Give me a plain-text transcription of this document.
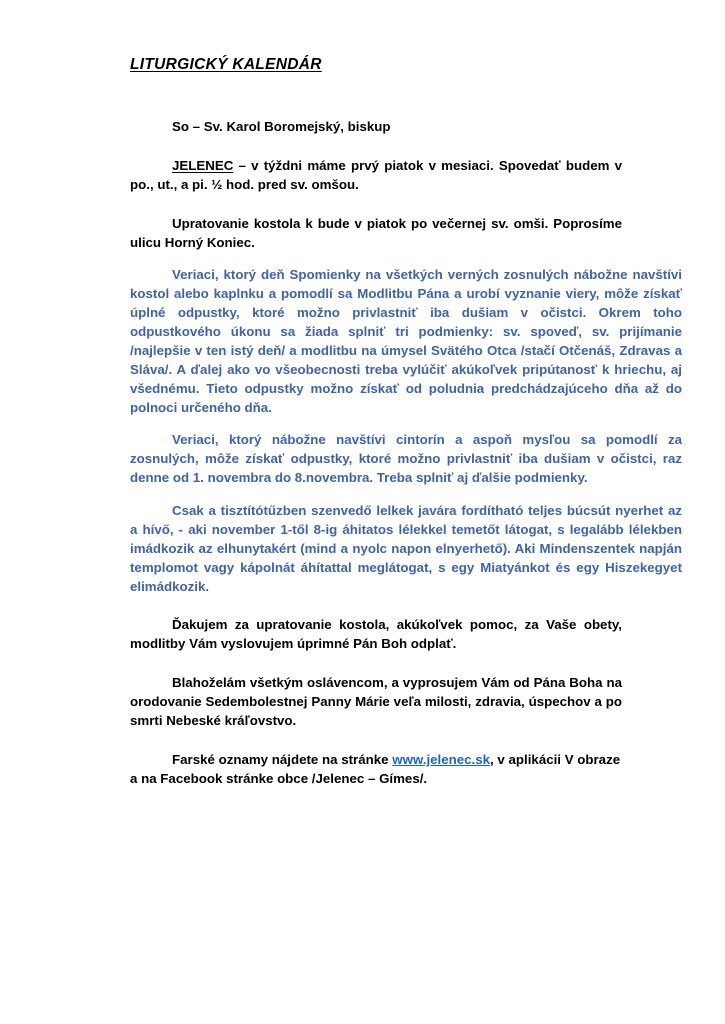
LITURGICKÝ KALENDÁR
So – Sv. Karol Boromejský, biskup
JELENEC – v týždni máme prvý piatok v mesiaci. Spovedať budem v po., ut., a pi. ½ hod. pred sv. omšou.
Upratovanie kostola k bude v piatok po večernej sv. omši. Poprosíme ulicu Horný Koniec.
Veriaci, ktorý deň Spomienky na všetkých verných zosnulých nábožne navštívi kostol alebo kaplnku a pomodlí sa Modlitbu Pána a urobí vyznanie viery, môže získať úplné odpustky, ktoré možno privlastniť iba dušiam v očistci. Okrem toho odpustkového úkonu sa žiada splniť tri podmienky: sv. spoveď, sv. prijímanie /najlepšie v ten istý deň/ a modlitbu na úmysel Svätého Otca /stačí Otčenáš, Zdravas a Sláva/. A ďalej ako vo všeobecnosti treba vylúčiť akúkoľvek pripútanosť k hriechu, aj všednému. Tieto odpustky možno získať od poludnia predchádzajúceho dňa až do polnoci určeného dňa.
Veriaci, ktorý nábožne navštívi cintorín a aspoň mysľou sa pomodlí za zosnulých, môže získať odpustky, ktoré možno privlastniť iba dušiam v očistci, raz denne od 1. novembra do 8.novembra. Treba splniť aj ďalšie podmienky.
Csak a tisztítótűzben szenvedő lelkek javára fordítható teljes búcsút nyerhet az a hívő, - aki november 1-től 8-ig áhitatos lélekkel temetőt látogat, s legalább lélekben imádkozik az elhunytakért (mind a nyolc napon elnyerhető). Aki Mindenszentek napján templomot vagy kápolnát áhítattal meglátogat, s egy Miatyánkot és egy Hiszekegyet elimádkozik.
Ďakujem za upratovanie kostola, akúkoľvek pomoc, za Vaše obety, modlitby Vám vyslovujem úprimné Pán Boh odplať.
Blahoželám všetkým oslávencom, a vyprosujem Vám od Pána Boha na orodovanie Sedembolestnej Panny Márie veľa milosti, zdravia, úspechov a po smrti Nebeské kráľovstvo.
Farské oznamy nájdete na stránke www.jelenec.sk, v aplikácii V obraze a na Facebook stránke obce /Jelenec – Gímes/.
